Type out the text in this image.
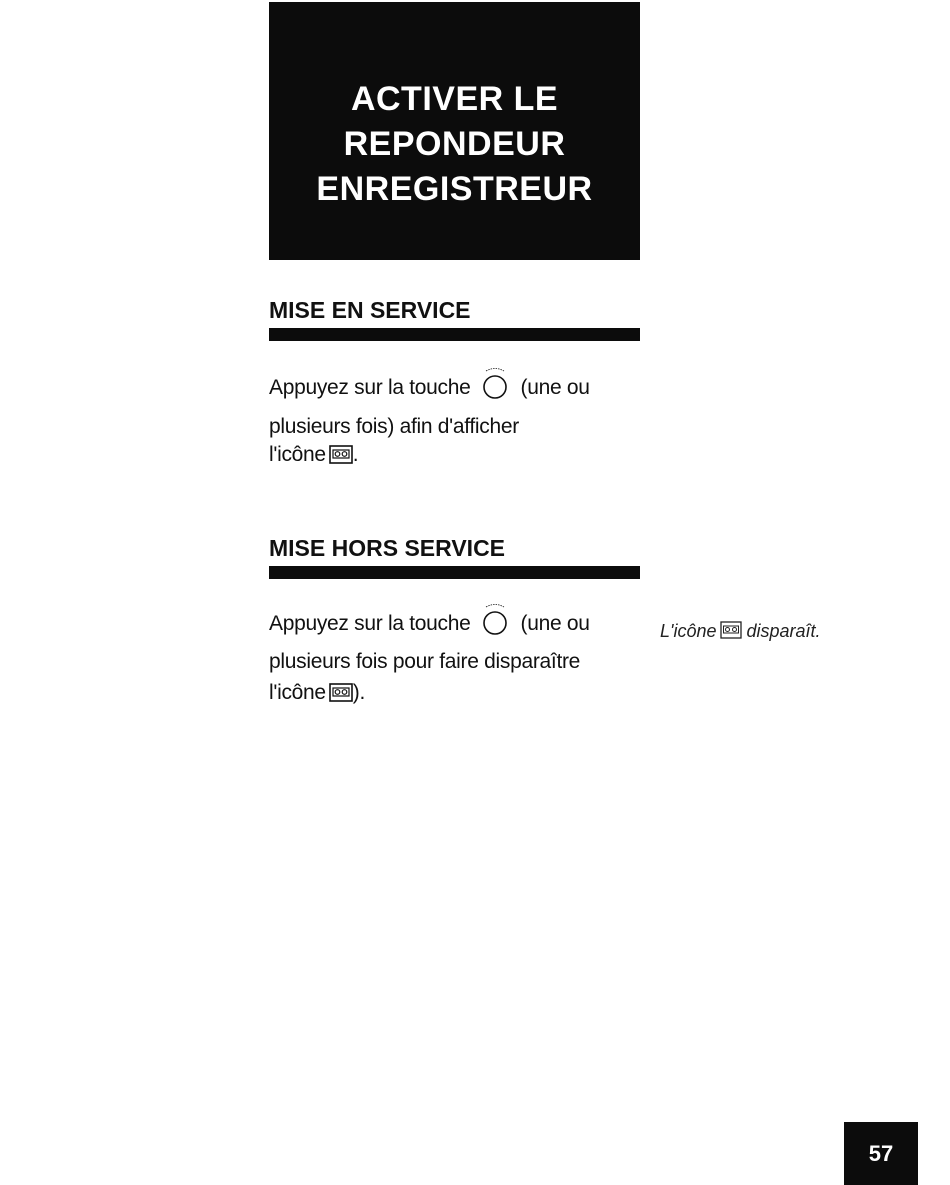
ACTIVER LE
REPONDEUR
ENREGISTREUR
MISE EN SERVICE
Appuyez sur la touche (une ou
plusieurs fois) afin d'afficher
l'icône .
MISE HORS SERVICE
Appuyez sur la touche (une ou
plusieurs fois pour faire disparaître
l'icône ).
L'icône disparaît.
57
